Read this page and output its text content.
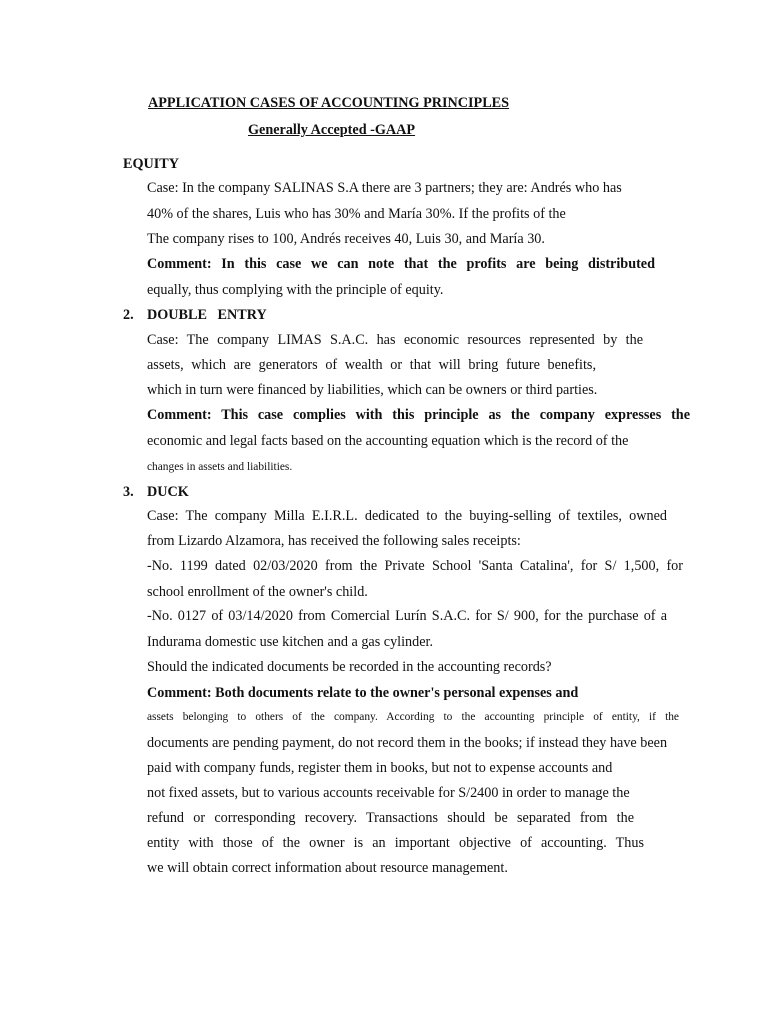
APPLICATION CASES OF ACCOUNTING PRINCIPLES
Generally Accepted -GAAP
EQUITY
Case: In the company SALINAS S.A there are 3 partners; they are: Andrés who has
40% of the shares, Luis who has 30% and María 30%. If the profits of the
The company rises to 100, Andrés receives 40, Luis 30, and María 30.
Comment: In this case we can note that the profits are being distributed
equally, thus complying with the principle of equity.
2. DOUBLE   ENTRY
Case: The company LIMAS S.A.C. has economic resources represented by the
assets, which are generators of wealth or that will bring future benefits,
which in turn were financed by liabilities, which can be owners or third parties.
Comment: This case complies with this principle as the company expresses the
economic and legal facts based on the accounting equation which is the record of the
changes in assets and liabilities.
3. DUCK
Case: The company Milla E.I.R.L. dedicated to the buying-selling of textiles, owned
from Lizardo Alzamora, has received the following sales receipts:
-No. 1199 dated 02/03/2020 from the Private School 'Santa Catalina', for S/ 1,500, for
school enrollment of the owner's child.
-No. 0127 of 03/14/2020 from Comercial Lurín S.A.C. for S/ 900, for the purchase of a
Indurama domestic use kitchen and a gas cylinder.
Should the indicated documents be recorded in the accounting records?
Comment: Both documents relate to the owner's personal expenses and
assets belonging to others of the company. According to the accounting principle of entity, if the
documents are pending payment, do not record them in the books; if instead they have been
paid with company funds, register them in books, but not to expense accounts and
not fixed assets, but to various accounts receivable for S/2400 in order to manage the
refund or corresponding recovery. Transactions should be separated from the
entity with those of the owner is an important objective of accounting. Thus
we will obtain correct information about resource management.
